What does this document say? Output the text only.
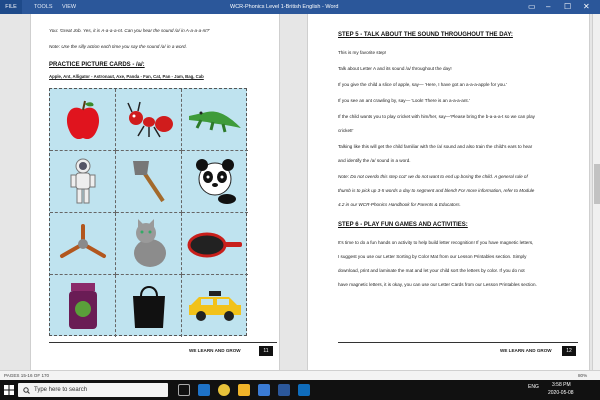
FILE	TOOLS VIEW	WCR-Phonics Level 1-British English - Word	▭ – ☐ ✕
You: 'Great Job. Yes, it is A-a-a-a-nt. Can you hear the sound /a/ in A-a-a-a-nt?'
Note: Use the silly action each time you say the sound /a/ in a word.
PRACTICE PICTURE CARDS - /a/:
Apple, Ant, Alligator - Astronaut, Axe, Panda - Fan, Cat, Pan - Jam, Bag, Cab
WE LEARN AND GROW	11
STEP 5 - TALK ABOUT THE SOUND THROUGHOUT THE DAY:
This is my favorite step!
Talk about Letter A and its sound /a/ throughout the day!
If you give the child a slice of apple, say— 'Here, I have got an a-a-a-apple for you.'
If you see an ant crawling by, say— 'Look! There is an a-a-a-ant.'
If the child wants you to play cricket with him/her, say—'Please bring the b-a-a-a-t so we can play
cricket!'
Talking like this will get the child familiar with the /a/ sound and also train the child's ears to hear
and identify the /a/ sound in a word.
Note: Do not overdo this step coz' we do not want to end up boring the child. A general rule of
thumb is to pick up 3-5 words a day to segment and blend! For more information, refer to Module
4.2 in our WCR-Phonics Handbook for Parents & Educators.
STEP 6 - PLAY FUN GAMES AND ACTIVITIES:
It's time to do a fun hands on activity to help build letter recognition! If you have magnetic letters,
I suggest you use our Letter Sorting by Color Mat from our Lesson Printables section. Simply
download, print and laminate the mat and let your child sort the letters by color. If you do not
have magnetic letters, it is okay, you can use our Letter Cards from our Lesson Printables section.
WE LEARN AND GROW	12
PAGES 15-16 OF 170	80%
Type here to search	ENG	3:58 PM
2020-05-08
